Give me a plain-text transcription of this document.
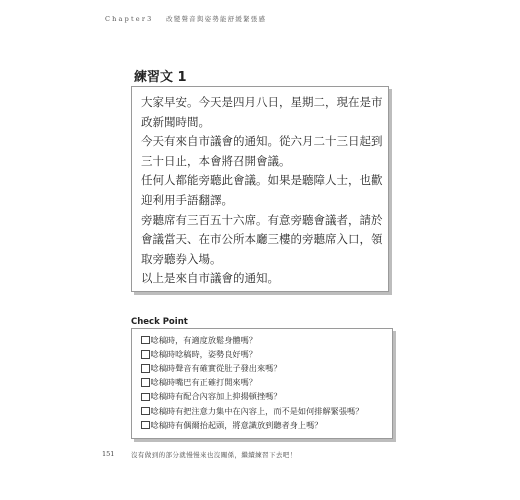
Chapter3 改變聲音與姿勢能舒緩緊張感
練習文 1

大家早安。今天是四月八日，星期二，現在是市政新聞時間。

今天有來自市議會的通知。從六月二十三日起到三十日止，本會將召開會議。

任何人都能旁聽此會議。如果是聽障人士，也歡迎利用手語翻譯。

旁聽席有三百五十六席。有意旁聽會議者，請於會議當天、在市公所本廳三樓的旁聽席入口，領取旁聽券入場。

以上是來自市議會的通知。

Check Point
唸稿時，有適度放鬆身體嗎？
唸稿時唸稿時，姿勢良好嗎？
唸稿時聲音有確實從肚子發出來嗎？
唸稿時嘴巴有正確打開來嗎？
唸稿時有配合內容加上抑揚頓挫嗎？
唸稿時有把注意力集中在內容上，而不是如何排解緊張嗎？
唸稿時有偶爾抬起頭，將意識放到聽者身上嗎？
151	沒有做到的部分就慢慢來也沒關係，繼續練習下去吧！
